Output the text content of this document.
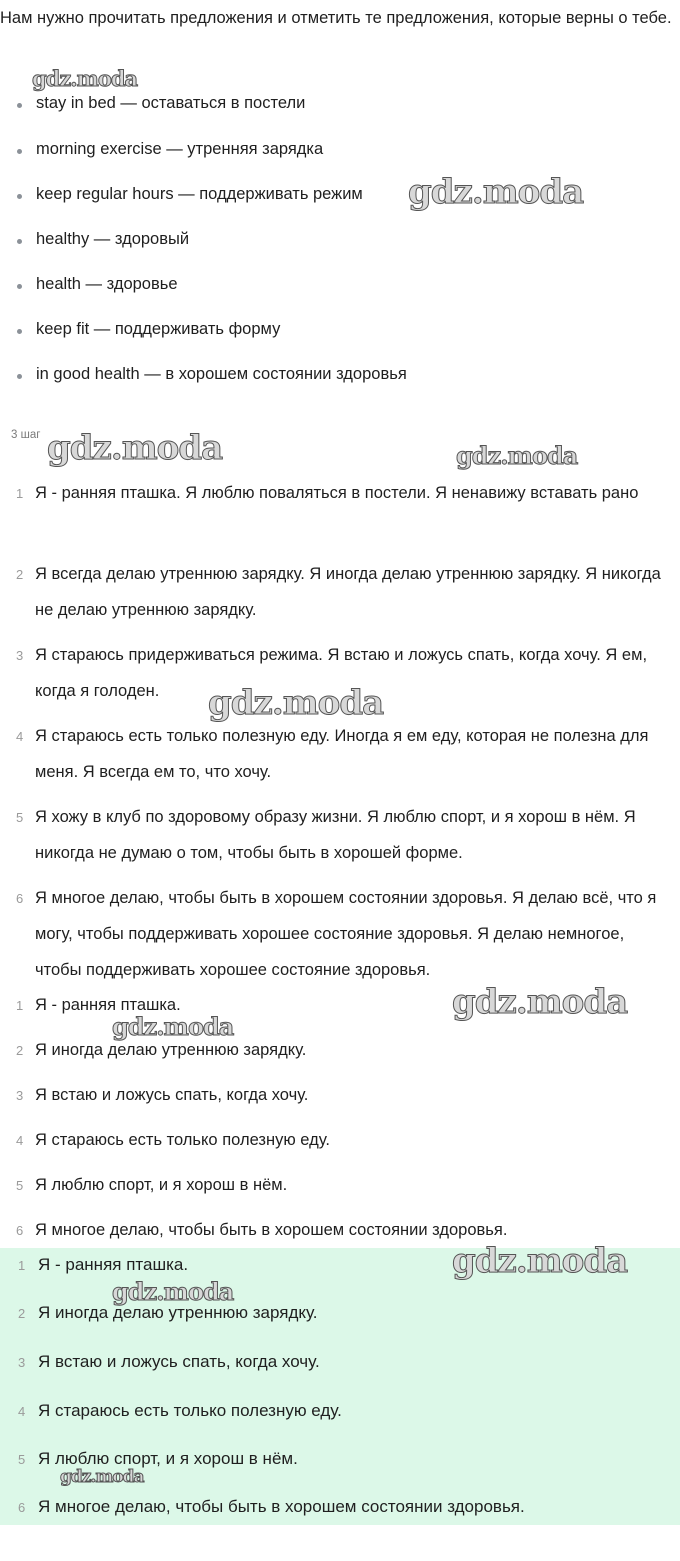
Нам нужно прочитать предложения и отметить те предложения, которые верны о тебе.
stay in bed — оставаться в постели
morning exercise — утренняя зарядка
keep regular hours — поддерживать режим
healthy — здоровый
health — здоровье
keep fit — поддерживать форму
in good health — в хорошем состоянии здоровья
3 шаг
1 Я - ранняя пташка. Я люблю поваляться в постели. Я ненавижу вставать рано
2 Я всегда делаю утреннюю зарядку. Я иногда делаю утреннюю зарядку. Я никогда не делаю утреннюю зарядку.
3 Я стараюсь придерживаться режима. Я встаю и ложусь спать, когда хочу. Я ем, когда я голоден.
4 Я стараюсь есть только полезную еду. Иногда я ем еду, которая не полезна для меня. Я всегда ем то, что хочу.
5 Я хожу в клуб по здоровому образу жизни. Я люблю спорт, и я хорош в нём. Я никогда не думаю о том, чтобы быть в хорошей форме.
6 Я многое делаю, чтобы быть в хорошем состоянии здоровья. Я делаю всё, что я могу, чтобы поддерживать хорошее состояние здоровья. Я делаю немногое, чтобы поддерживать хорошее состояние здоровья.
1 Я - ранняя пташка.
2 Я иногда делаю утреннюю зарядку.
3 Я встаю и ложусь спать, когда хочу.
4 Я стараюсь есть только полезную еду.
5 Я люблю спорт, и я хорош в нём.
6 Я многое делаю, чтобы быть в хорошем состоянии здоровья.
1 Я - ранняя пташка.
2 Я иногда делаю утреннюю зарядку.
3 Я встаю и ложусь спать, когда хочу.
4 Я стараюсь есть только полезную еду.
5 Я люблю спорт, и я хорош в нём.
6 Я многое делаю, чтобы быть в хорошем состоянии здоровья.
gdz.moda
gdz.moda
gdz.moda	gdz.moda
gdz.moda
gdz.moda
gdz.moda
gdz.moda
gdz.moda
gdz.moda
